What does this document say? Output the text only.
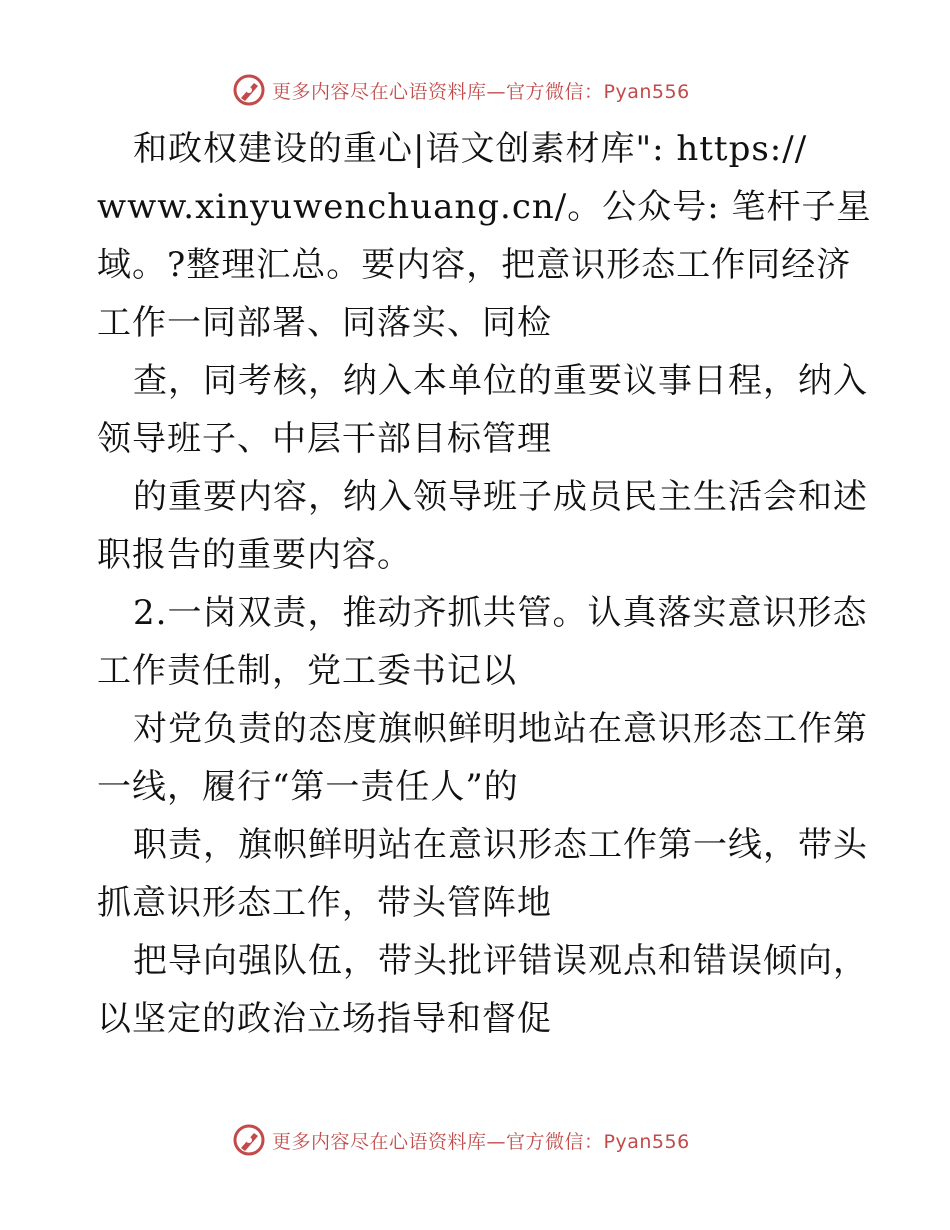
更多内容尽在心语资料库—官方微信：Pyan556
和政权建设的重心|语文创素材库": https://
www.xinyuwenchuang.cn/。公众号: 笔杆子星
域。?整理汇总。要内容，把意识形态工作同经济
工作一同部署、同落实、同检
查，同考核，纳入本单位的重要议事日程，纳入
领导班子、中层干部目标管理
的重要内容，纳入领导班子成员民主生活会和述
职报告的重要内容。
2.一岗双责，推动齐抓共管。认真落实意识形态
工作责任制，党工委书记以
对党负责的态度旗帜鲜明地站在意识形态工作第
一线，履行“第一责任人”的
职责，旗帜鲜明站在意识形态工作第一线，带头
抓意识形态工作，带头管阵地
把导向强队伍，带头批评错误观点和错误倾向，
以坚定的政治立场指导和督促
更多内容尽在心语资料库—官方微信：Pyan556
